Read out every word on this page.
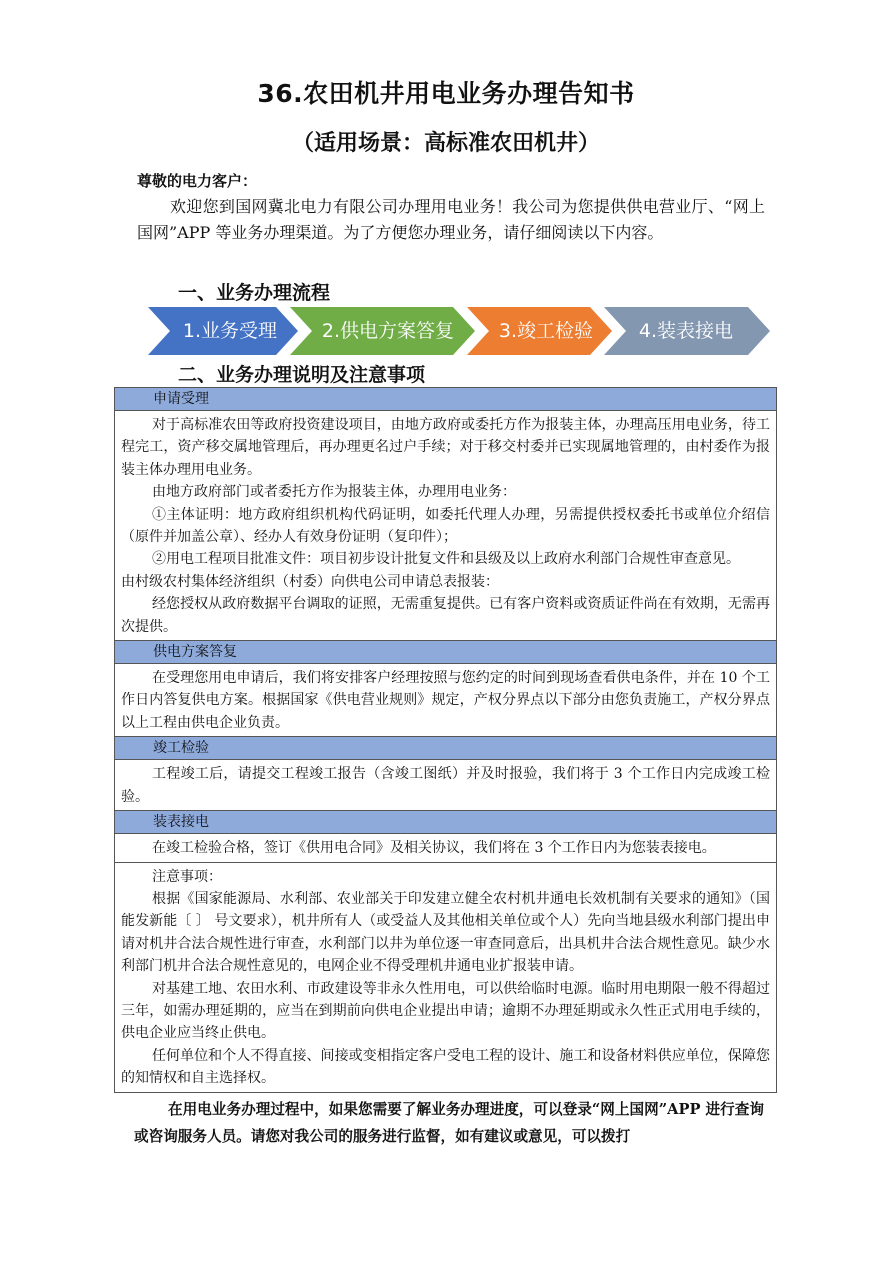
36.农田机井用电业务办理告知书
（适用场景：高标准农田机井）
尊敬的电力客户：
欢迎您到国网冀北电力有限公司办理用电业务！我公司为您提供供电营业厅、“网上国网”APP 等业务办理渠道。为了方便您办理业务，请仔细阅读以下内容。
一、业务办理流程
1.业务受理	2.供电方案答复	3.竣工检验	4.装表接电
二、业务办理说明及注意事项
申请受理

对于高标准农田等政府投资建设项目，由地方政府或委托方作为报装主体，办理高压用电业务，待工程完工，资产移交属地管理后，再办理更名过户手续；对于移交村委并已实现属地管理的，由村委作为报装主体办理用电业务。

由地方政府部门或者委托方作为报装主体，办理用电业务：

①主体证明：地方政府组织机构代码证明，如委托代理人办理，另需提供授权委托书或单位介绍信（原件并加盖公章）、经办人有效身份证明（复印件）；

②用电工程项目批准文件：项目初步设计批复文件和县级及以上政府水利部门合规性审查意见。

由村级农村集体经济组织（村委）向供电公司申请总表报装：

经您授权从政府数据平台调取的证照，无需重复提供。已有客户资料或资质证件尚在有效期，无需再次提供。

供电方案答复

在受理您用电申请后，我们将安排客户经理按照与您约定的时间到现场查看供电条件，并在 10 个工作日内答复供电方案。根据国家《供电营业规则》规定，产权分界点以下部分由您负责施工，产权分界点以上工程由供电企业负责。

竣工检验

工程竣工后，请提交工程竣工报告（含竣工图纸）并及时报验，我们将于 3 个工作日内完成竣工检验。

装表接电

在竣工检验合格，签订《供用电合同》及相关协议，我们将在 3 个工作日内为您装表接电。

注意事项：

根据《国家能源局、水利部、农业部关于印发建立健全农村机井通电长效机制有关要求的通知》（国能发新能〔 〕 号文要求），机井所有人（或受益人及其他相关单位或个人）先向当地县级水利部门提出申请对机井合法合规性进行审查，水利部门以井为单位逐一审查同意后，出具机井合法合规性意见。缺少水利部门机井合法合规性意见的，电网企业不得受理机井通电业扩报装申请。

对基建工地、农田水利、市政建设等非永久性用电，可以供给临时电源。临时用电期限一般不得超过三年，如需办理延期的，应当在到期前向供电企业提出申请；逾期不办理延期或永久性正式用电手续的，供电企业应当终止供电。

任何单位和个人不得直接、间接或变相指定客户受电工程的设计、施工和设备材料供应单位，保障您的知情权和自主选择权。

在用电业务办理过程中，如果您需要了解业务办理进度，可以登录“网上国网”APP 进行查询或咨询服务人员。请您对我公司的服务进行监督，如有建议或意见，可以拨打
